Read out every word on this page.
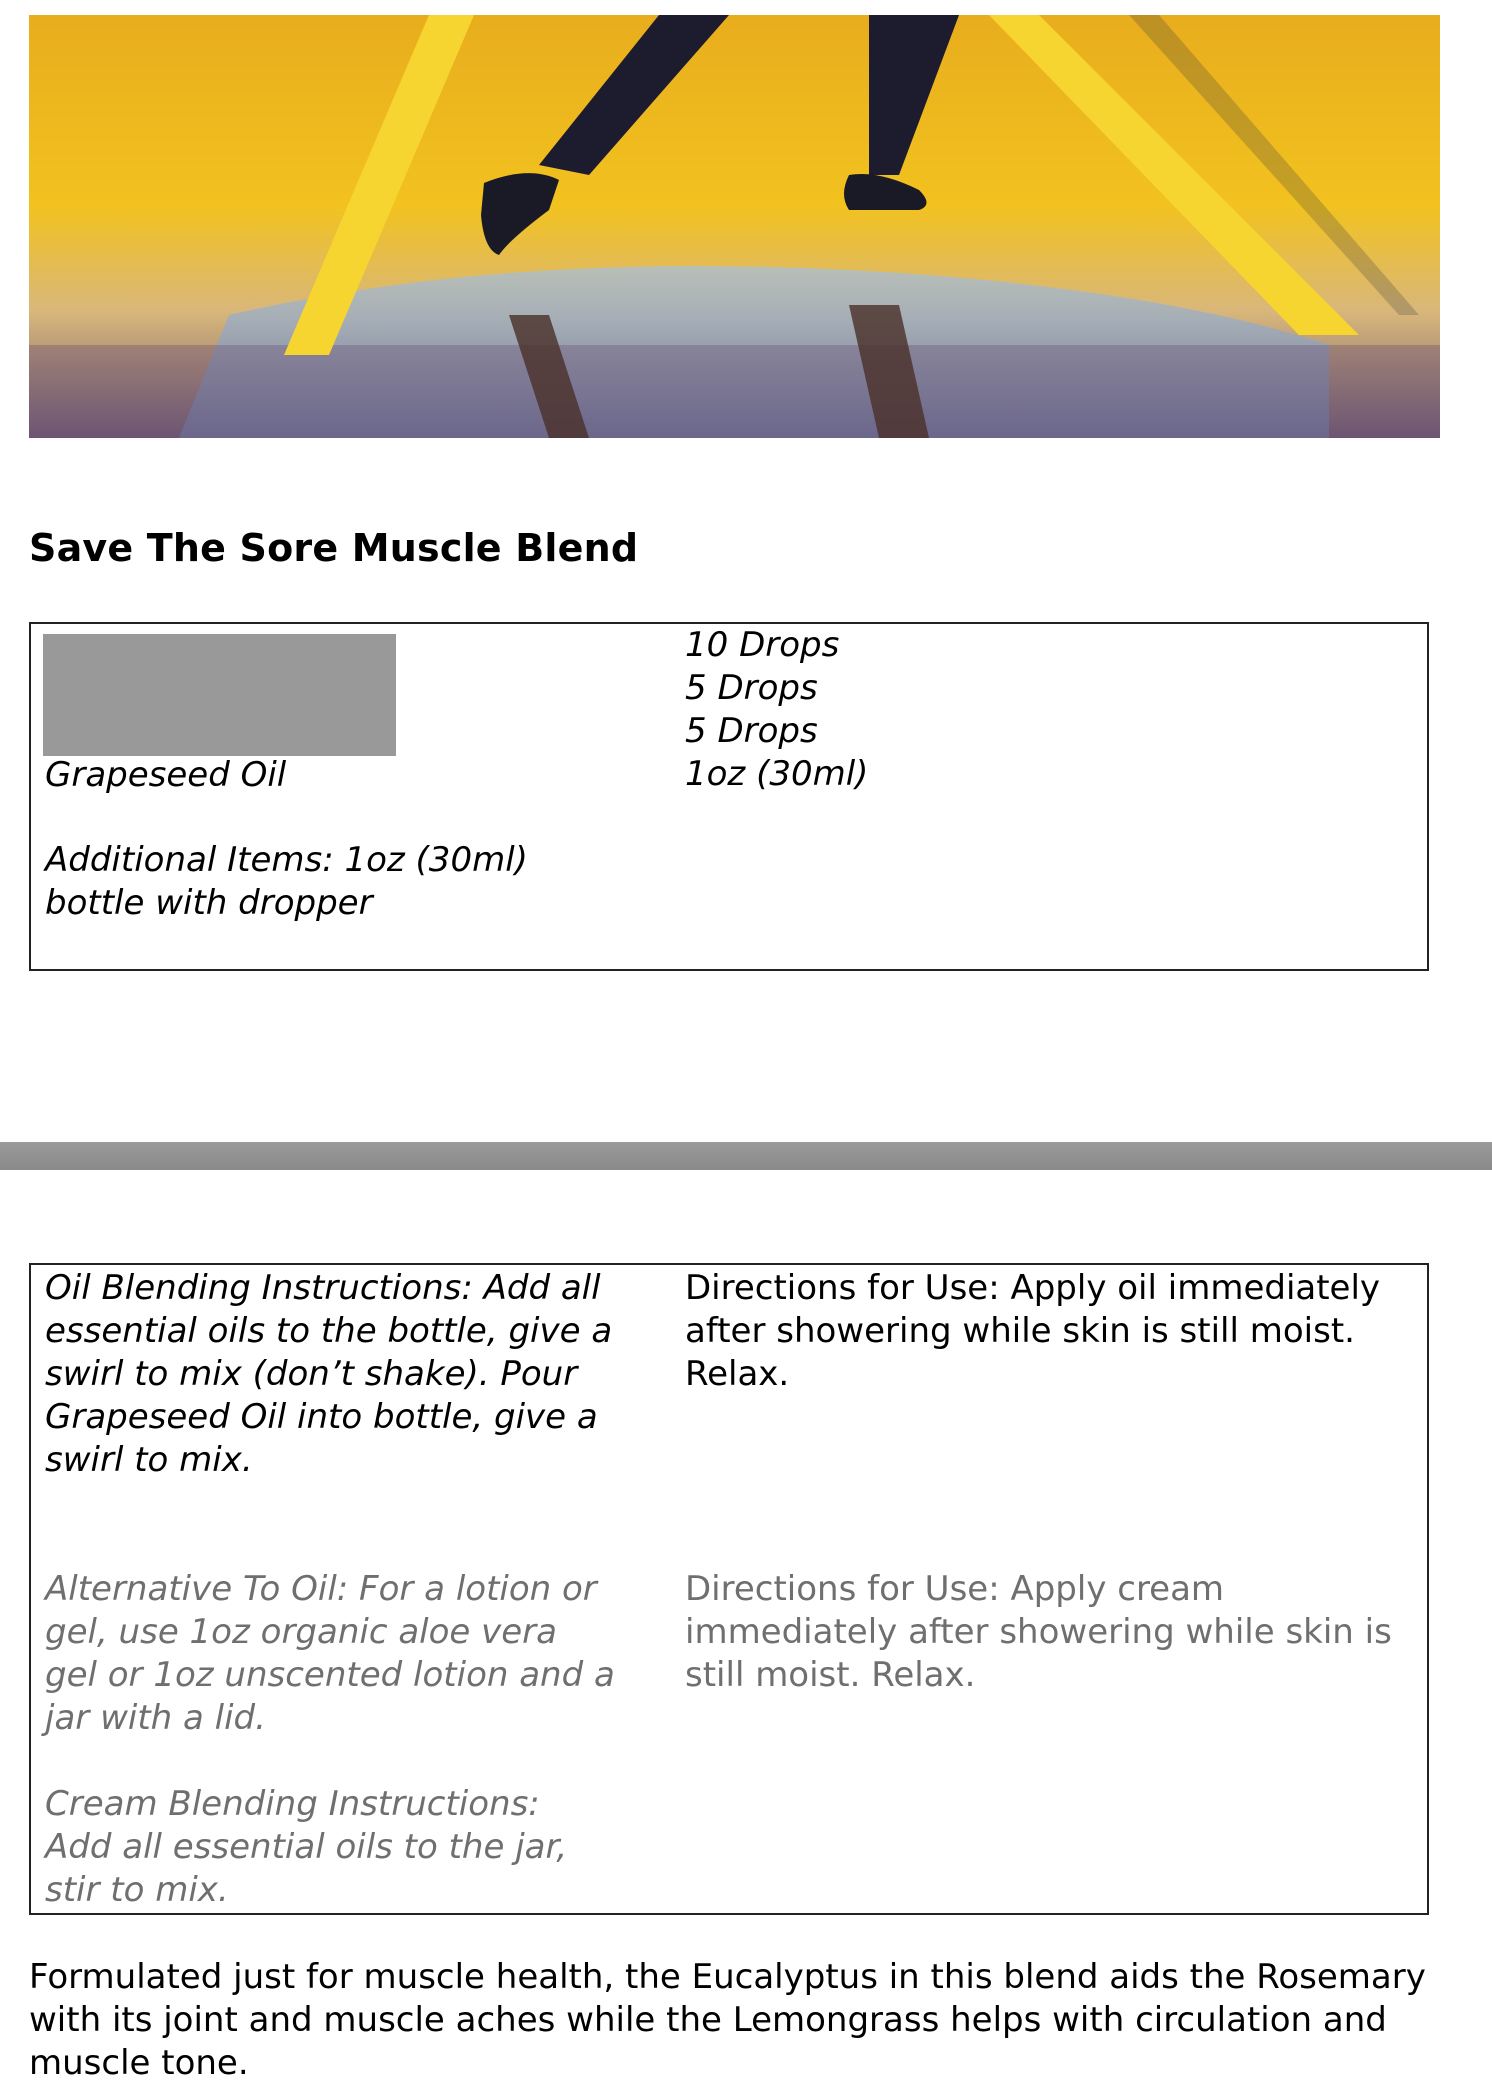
Save The Sore Muscle Blend
Grapeseed Oil
Additional Items: 1oz (30ml) bottle with dropper
10 Drops
5 Drops
5 Drops
1oz (30ml)
Oil Blending Instructions: Add all essential oils to the bottle, give a swirl to mix (don’t shake). Pour Grapeseed Oil into bottle, give a swirl to mix.
Alternative To Oil: For a lotion or gel, use 1oz organic aloe vera gel or 1oz unscented lotion and a jar with a lid.
Cream Blending Instructions: Add all essential oils to the jar, stir to mix.
Directions for Use: Apply oil immediately after showering while skin is still moist. Relax.
Directions for Use: Apply cream immediately after showering while skin is still moist. Relax.

Formulated just for muscle health, the Eucalyptus in this blend aids the Rosemary with its joint and muscle aches while the Lemongrass helps with circulation and muscle tone.
